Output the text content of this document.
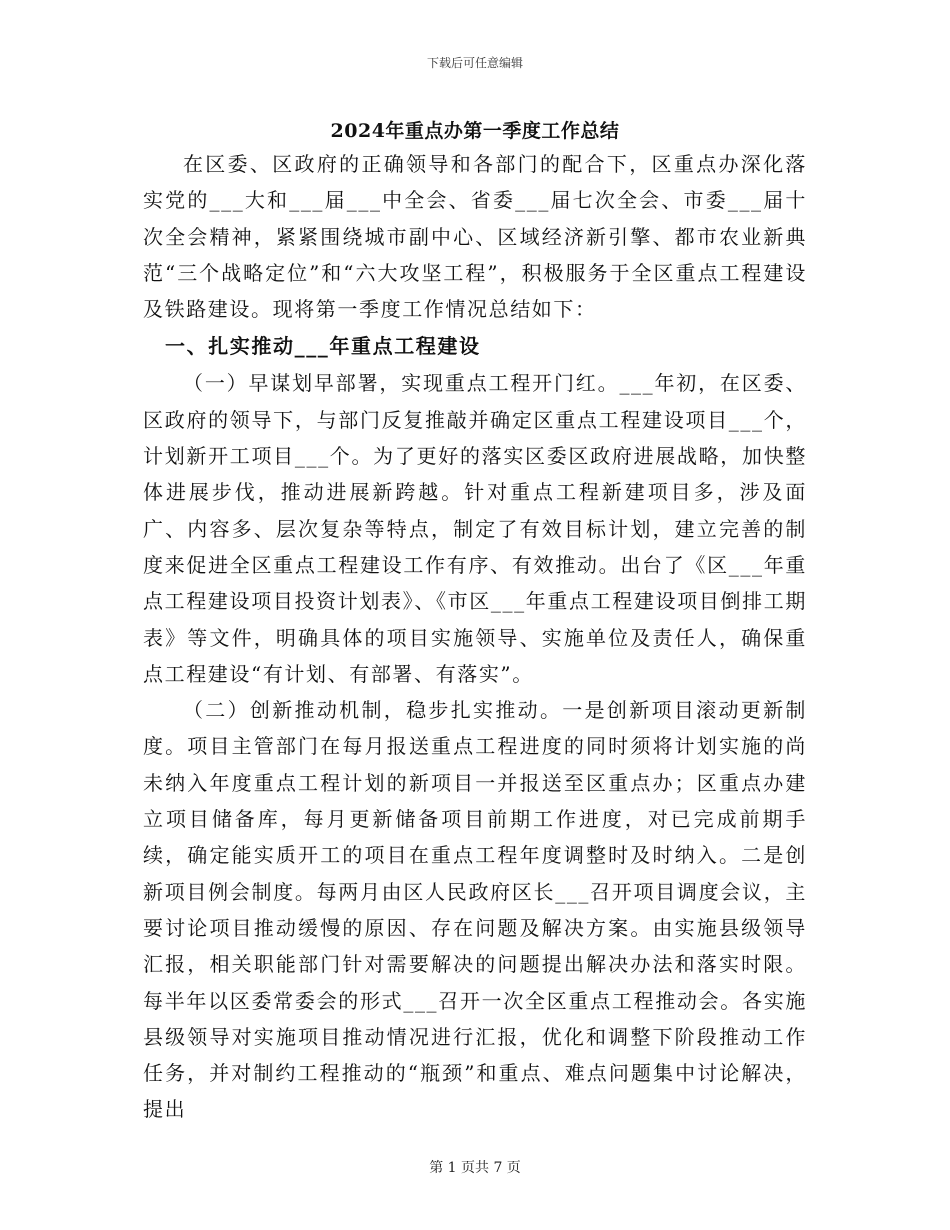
下载后可任意编辑
2024年重点办第一季度工作总结

在区委、区政府的正确领导和各部门的配合下，区重点办深化落实党的___大和___届___中全会、省委___届七次全会、市委___届十次全会精神，紧紧围绕城市副中心、区域经济新引擎、都市农业新典范“三个战略定位”和“六大攻坚工程”，积极服务于全区重点工程建设及铁路建设。现将第一季度工作情况总结如下：

一、扎实推动___年重点工程建设

（一）早谋划早部署，实现重点工程开门红。___年初，在区委、区政府的领导下，与部门反复推敲并确定区重点工程建设项目___个，计划新开工项目___个。为了更好的落实区委区政府进展战略，加快整体进展步伐，推动进展新跨越。针对重点工程新建项目多，涉及面广、内容多、层次复杂等特点，制定了有效目标计划，建立完善的制度来促进全区重点工程建设工作有序、有效推动。出台了《区___年重点工程建设项目投资计划表》、《市区___年重点工程建设项目倒排工期表》等文件，明确具体的项目实施领导、实施单位及责任人，确保重点工程建设“有计划、有部署、有落实”。

（二）创新推动机制，稳步扎实推动。一是创新项目滚动更新制度。项目主管部门在每月报送重点工程进度的同时须将计划实施的尚未纳入年度重点工程计划的新项目一并报送至区重点办；区重点办建立项目储备库，每月更新储备项目前期工作进度，对已完成前期手续，确定能实质开工的项目在重点工程年度调整时及时纳入。二是创新项目例会制度。每两月由区人民政府区长___召开项目调度会议，主要讨论项目推动缓慢的原因、存在问题及解决方案。由实施县级领导汇报，相关职能部门针对需要解决的问题提出解决办法和落实时限。每半年以区委常委会的形式___召开一次全区重点工程推动会。各实施县级领导对实施项目推动情况进行汇报，优化和调整下阶段推动工作任务，并对制约工程推动的“瓶颈”和重点、难点问题集中讨论解决，提出

第 1 页共 7 页
